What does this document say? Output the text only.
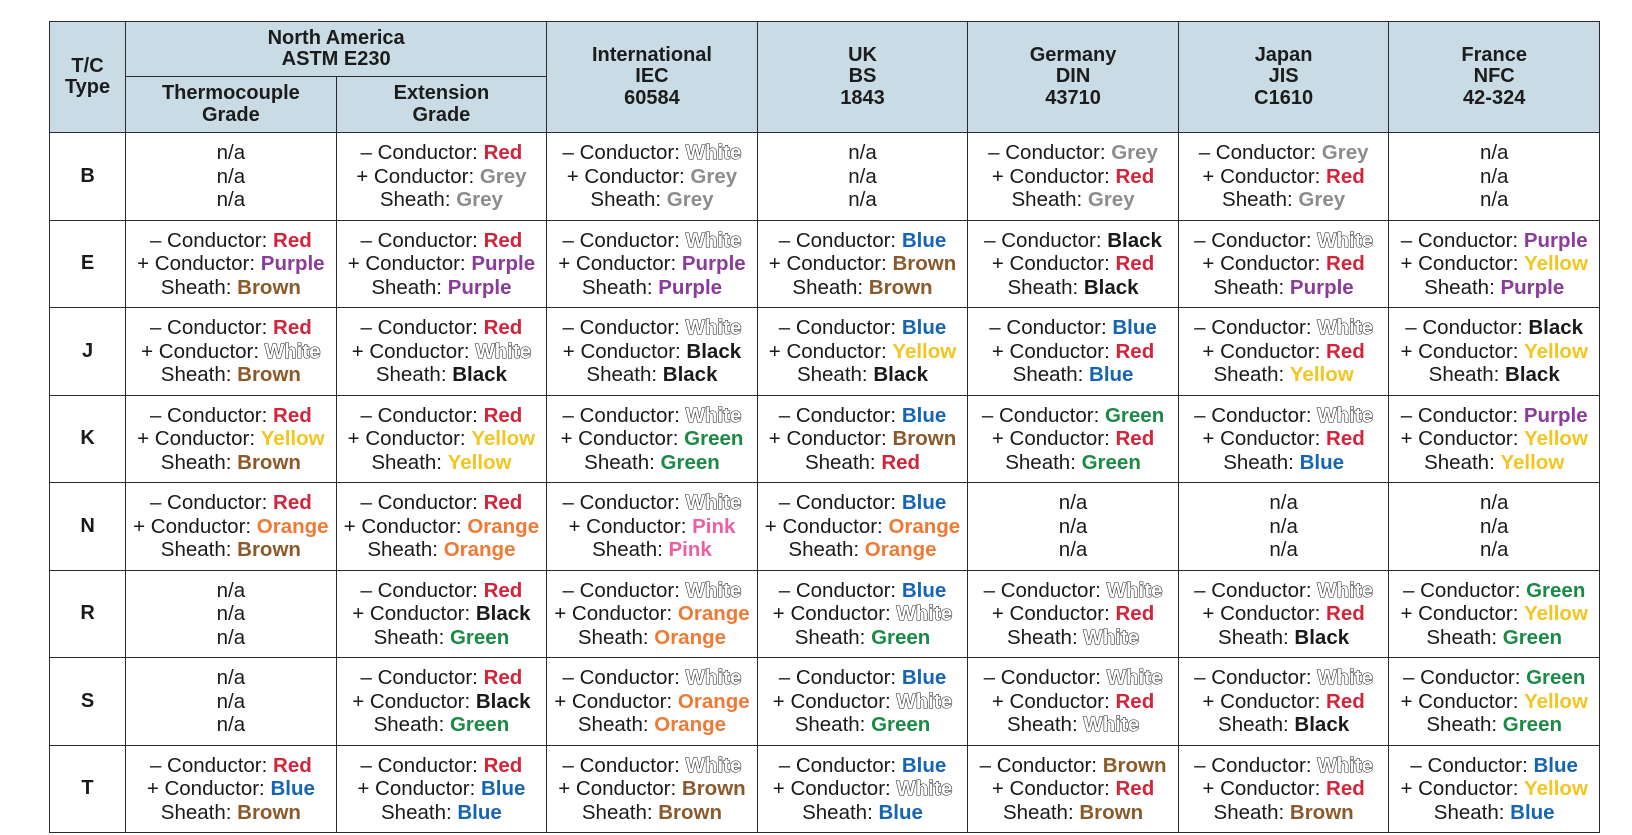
T/C
Type	North America
ASTM E230		International
IEC
60584	UK
BS
1843	Germany
DIN
43710	Japan
JIS
C1610	France
NFC
42-324

	Thermocouple
Grade	Extension
Grade					

B	n/a
n/a
n/a	– Conductor: Red
+ Conductor: Grey
Sheath: Grey	– Conductor: White
+ Conductor: Grey
Sheath: Grey	n/a
n/a
n/a	– Conductor: Grey
+ Conductor: Red
Sheath: Grey	– Conductor: Grey
+ Conductor: Red
Sheath: Grey	n/a
n/a
n/a

E	– Conductor: Red
+ Conductor: Purple
Sheath: Brown	– Conductor: Red
+ Conductor: Purple
Sheath: Purple	– Conductor: White
+ Conductor: Purple
Sheath: Purple	– Conductor: Blue
+ Conductor: Brown
Sheath: Brown	– Conductor: Black
+ Conductor: Red
Sheath: Black	– Conductor: White
+ Conductor: Red
Sheath: Purple	– Conductor: Purple
+ Conductor: Yellow
Sheath: Purple

J	– Conductor: Red
+ Conductor: White
Sheath: Brown	– Conductor: Red
+ Conductor: White
Sheath: Black	– Conductor: White
+ Conductor: Black
Sheath: Black	– Conductor: Blue
+ Conductor: Yellow
Sheath: Black	– Conductor: Blue
+ Conductor: Red
Sheath: Blue	– Conductor: White
+ Conductor: Red
Sheath: Yellow	– Conductor: Black
+ Conductor: Yellow
Sheath: Black

K	– Conductor: Red
+ Conductor: Yellow
Sheath: Brown	– Conductor: Red
+ Conductor: Yellow
Sheath: Yellow	– Conductor: White
+ Conductor: Green
Sheath: Green	– Conductor: Blue
+ Conductor: Brown
Sheath: Red	– Conductor: Green
+ Conductor: Red
Sheath: Green	– Conductor: White
+ Conductor: Red
Sheath: Blue	– Conductor: Purple
+ Conductor: Yellow
Sheath: Yellow

N	– Conductor: Red
+ Conductor: Orange
Sheath: Brown	– Conductor: Red
+ Conductor: Orange
Sheath: Orange	– Conductor: White
+ Conductor: Pink
Sheath: Pink	– Conductor: Blue
+ Conductor: Orange
Sheath: Orange	n/a
n/a
n/a	n/a
n/a
n/a	n/a
n/a
n/a

R	n/a
n/a
n/a	– Conductor: Red
+ Conductor: Black
Sheath: Green	– Conductor: White
+ Conductor: Orange
Sheath: Orange	– Conductor: Blue
+ Conductor: White
Sheath: Green	– Conductor: White
+ Conductor: Red
Sheath: White	– Conductor: White
+ Conductor: Red
Sheath: Black	– Conductor: Green
+ Conductor: Yellow
Sheath: Green

S	n/a
n/a
n/a	– Conductor: Red
+ Conductor: Black
Sheath: Green	– Conductor: White
+ Conductor: Orange
Sheath: Orange	– Conductor: Blue
+ Conductor: White
Sheath: Green	– Conductor: White
+ Conductor: Red
Sheath: White	– Conductor: White
+ Conductor: Red
Sheath: Black	– Conductor: Green
+ Conductor: Yellow
Sheath: Green

T	– Conductor: Red
+ Conductor: Blue
Sheath: Brown	– Conductor: Red
+ Conductor: Blue
Sheath: Blue	– Conductor: White
+ Conductor: Brown
Sheath: Brown	– Conductor: Blue
+ Conductor: White
Sheath: Blue	– Conductor: Brown
+ Conductor: Red
Sheath: Brown	– Conductor: White
+ Conductor: Red
Sheath: Brown	– Conductor: Blue
+ Conductor: Yellow
Sheath: Blue
